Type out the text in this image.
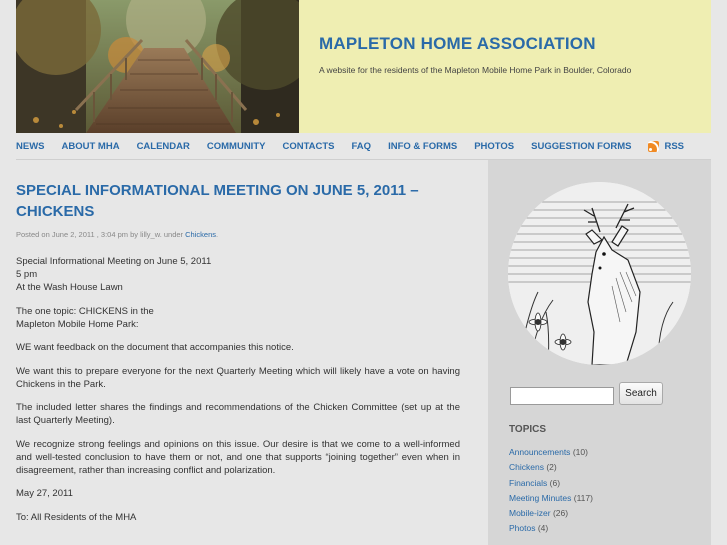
MAPLETON HOME ASSOCIATION
A website for the residents of the Mapleton Mobile Home Park in Boulder, Colorado
NEWS ABOUT MHA CALENDAR COMMUNITY CONTACTS FAQ INFO & FORMS PHOTOS SUGGESTION FORMS	RSS
SPECIAL INFORMATIONAL MEETING ON JUNE 5, 2011 – CHICKENS
Posted on June 2, 2011 , 3:04 pm by lilly_w. under Chickens.

Special Informational Meeting on June 5, 2011
5 pm
At the Wash House Lawn

The one topic: CHICKENS in the
Mapleton Mobile Home Park:

WE want feedback on the document that accompanies this notice.

We want this to prepare everyone for the next Quarterly Meeting which will likely have a vote on having Chickens in the Park.

The included letter shares the findings and recommendations of the Chicken Committee (set up at the last Quarterly Meeting).

We recognize strong feelings and opinions on this issue. Our desire is that we come to a well-informed and well-tested conclusion to have them or not, and one that supports “joining together” even when in disagreement, rather than increasing conflict and polarization.

May 27, 2011

To: All Residents of the MHA

Search
TOPICS
Announcements (10)
Chickens (2)
Financials (6)
Meeting Minutes (117)
Mobile-izer (26)
Photos (4)
